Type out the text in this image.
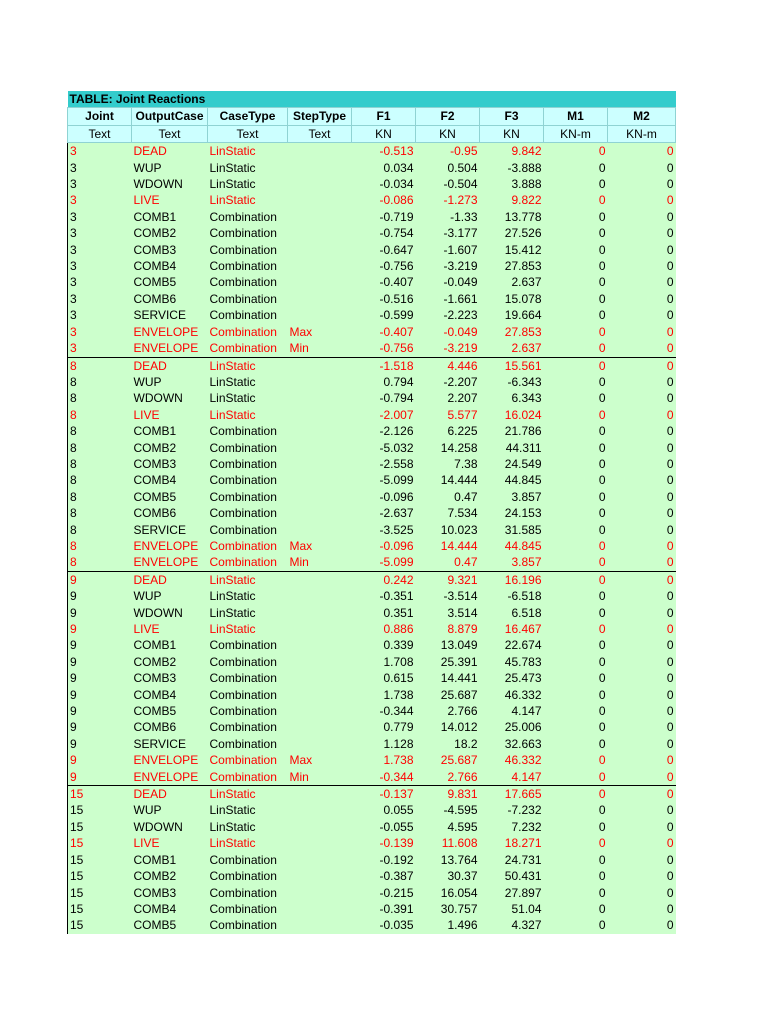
TABLE: Joint Reactions								
Joint	OutputCase	CaseType	StepType	F1	F2	F3	M1	M2
Text	Text	Text	Text	KN	KN	KN	KN-m	KN-m
3	DEAD	LinStatic		-0.513	-0.95	9.842	0	0
3	WUP	LinStatic		0.034	0.504	-3.888	0	0
3	WDOWN	LinStatic		-0.034	-0.504	3.888	0	0
3	LIVE	LinStatic		-0.086	-1.273	9.822	0	0
3	COMB1	Combination		-0.719	-1.33	13.778	0	0
3	COMB2	Combination		-0.754	-3.177	27.526	0	0
3	COMB3	Combination		-0.647	-1.607	15.412	0	0
3	COMB4	Combination		-0.756	-3.219	27.853	0	0
3	COMB5	Combination		-0.407	-0.049	2.637	0	0
3	COMB6	Combination		-0.516	-1.661	15.078	0	0
3	SERVICE	Combination		-0.599	-2.223	19.664	0	0
3	ENVELOPE	Combination	Max	-0.407	-0.049	27.853	0	0
3	ENVELOPE	Combination	Min	-0.756	-3.219	2.637	0	0
8	DEAD	LinStatic		-1.518	4.446	15.561	0	0
8	WUP	LinStatic		0.794	-2.207	-6.343	0	0
8	WDOWN	LinStatic		-0.794	2.207	6.343	0	0
8	LIVE	LinStatic		-2.007	5.577	16.024	0	0
8	COMB1	Combination		-2.126	6.225	21.786	0	0
8	COMB2	Combination		-5.032	14.258	44.311	0	0
8	COMB3	Combination		-2.558	7.38	24.549	0	0
8	COMB4	Combination		-5.099	14.444	44.845	0	0
8	COMB5	Combination		-0.096	0.47	3.857	0	0
8	COMB6	Combination		-2.637	7.534	24.153	0	0
8	SERVICE	Combination		-3.525	10.023	31.585	0	0
8	ENVELOPE	Combination	Max	-0.096	14.444	44.845	0	0
8	ENVELOPE	Combination	Min	-5.099	0.47	3.857	0	0
9	DEAD	LinStatic		0.242	9.321	16.196	0	0
9	WUP	LinStatic		-0.351	-3.514	-6.518	0	0
9	WDOWN	LinStatic		0.351	3.514	6.518	0	0
9	LIVE	LinStatic		0.886	8.879	16.467	0	0
9	COMB1	Combination		0.339	13.049	22.674	0	0
9	COMB2	Combination		1.708	25.391	45.783	0	0
9	COMB3	Combination		0.615	14.441	25.473	0	0
9	COMB4	Combination		1.738	25.687	46.332	0	0
9	COMB5	Combination		-0.344	2.766	4.147	0	0
9	COMB6	Combination		0.779	14.012	25.006	0	0
9	SERVICE	Combination		1.128	18.2	32.663	0	0
9	ENVELOPE	Combination	Max	1.738	25.687	46.332	0	0
9	ENVELOPE	Combination	Min	-0.344	2.766	4.147	0	0
15	DEAD	LinStatic		-0.137	9.831	17.665	0	0
15	WUP	LinStatic		0.055	-4.595	-7.232	0	0
15	WDOWN	LinStatic		-0.055	4.595	7.232	0	0
15	LIVE	LinStatic		-0.139	11.608	18.271	0	0
15	COMB1	Combination		-0.192	13.764	24.731	0	0
15	COMB2	Combination		-0.387	30.37	50.431	0	0
15	COMB3	Combination		-0.215	16.054	27.897	0	0
15	COMB4	Combination		-0.391	30.757	51.04	0	0
15	COMB5	Combination		-0.035	1.496	4.327	0	0
